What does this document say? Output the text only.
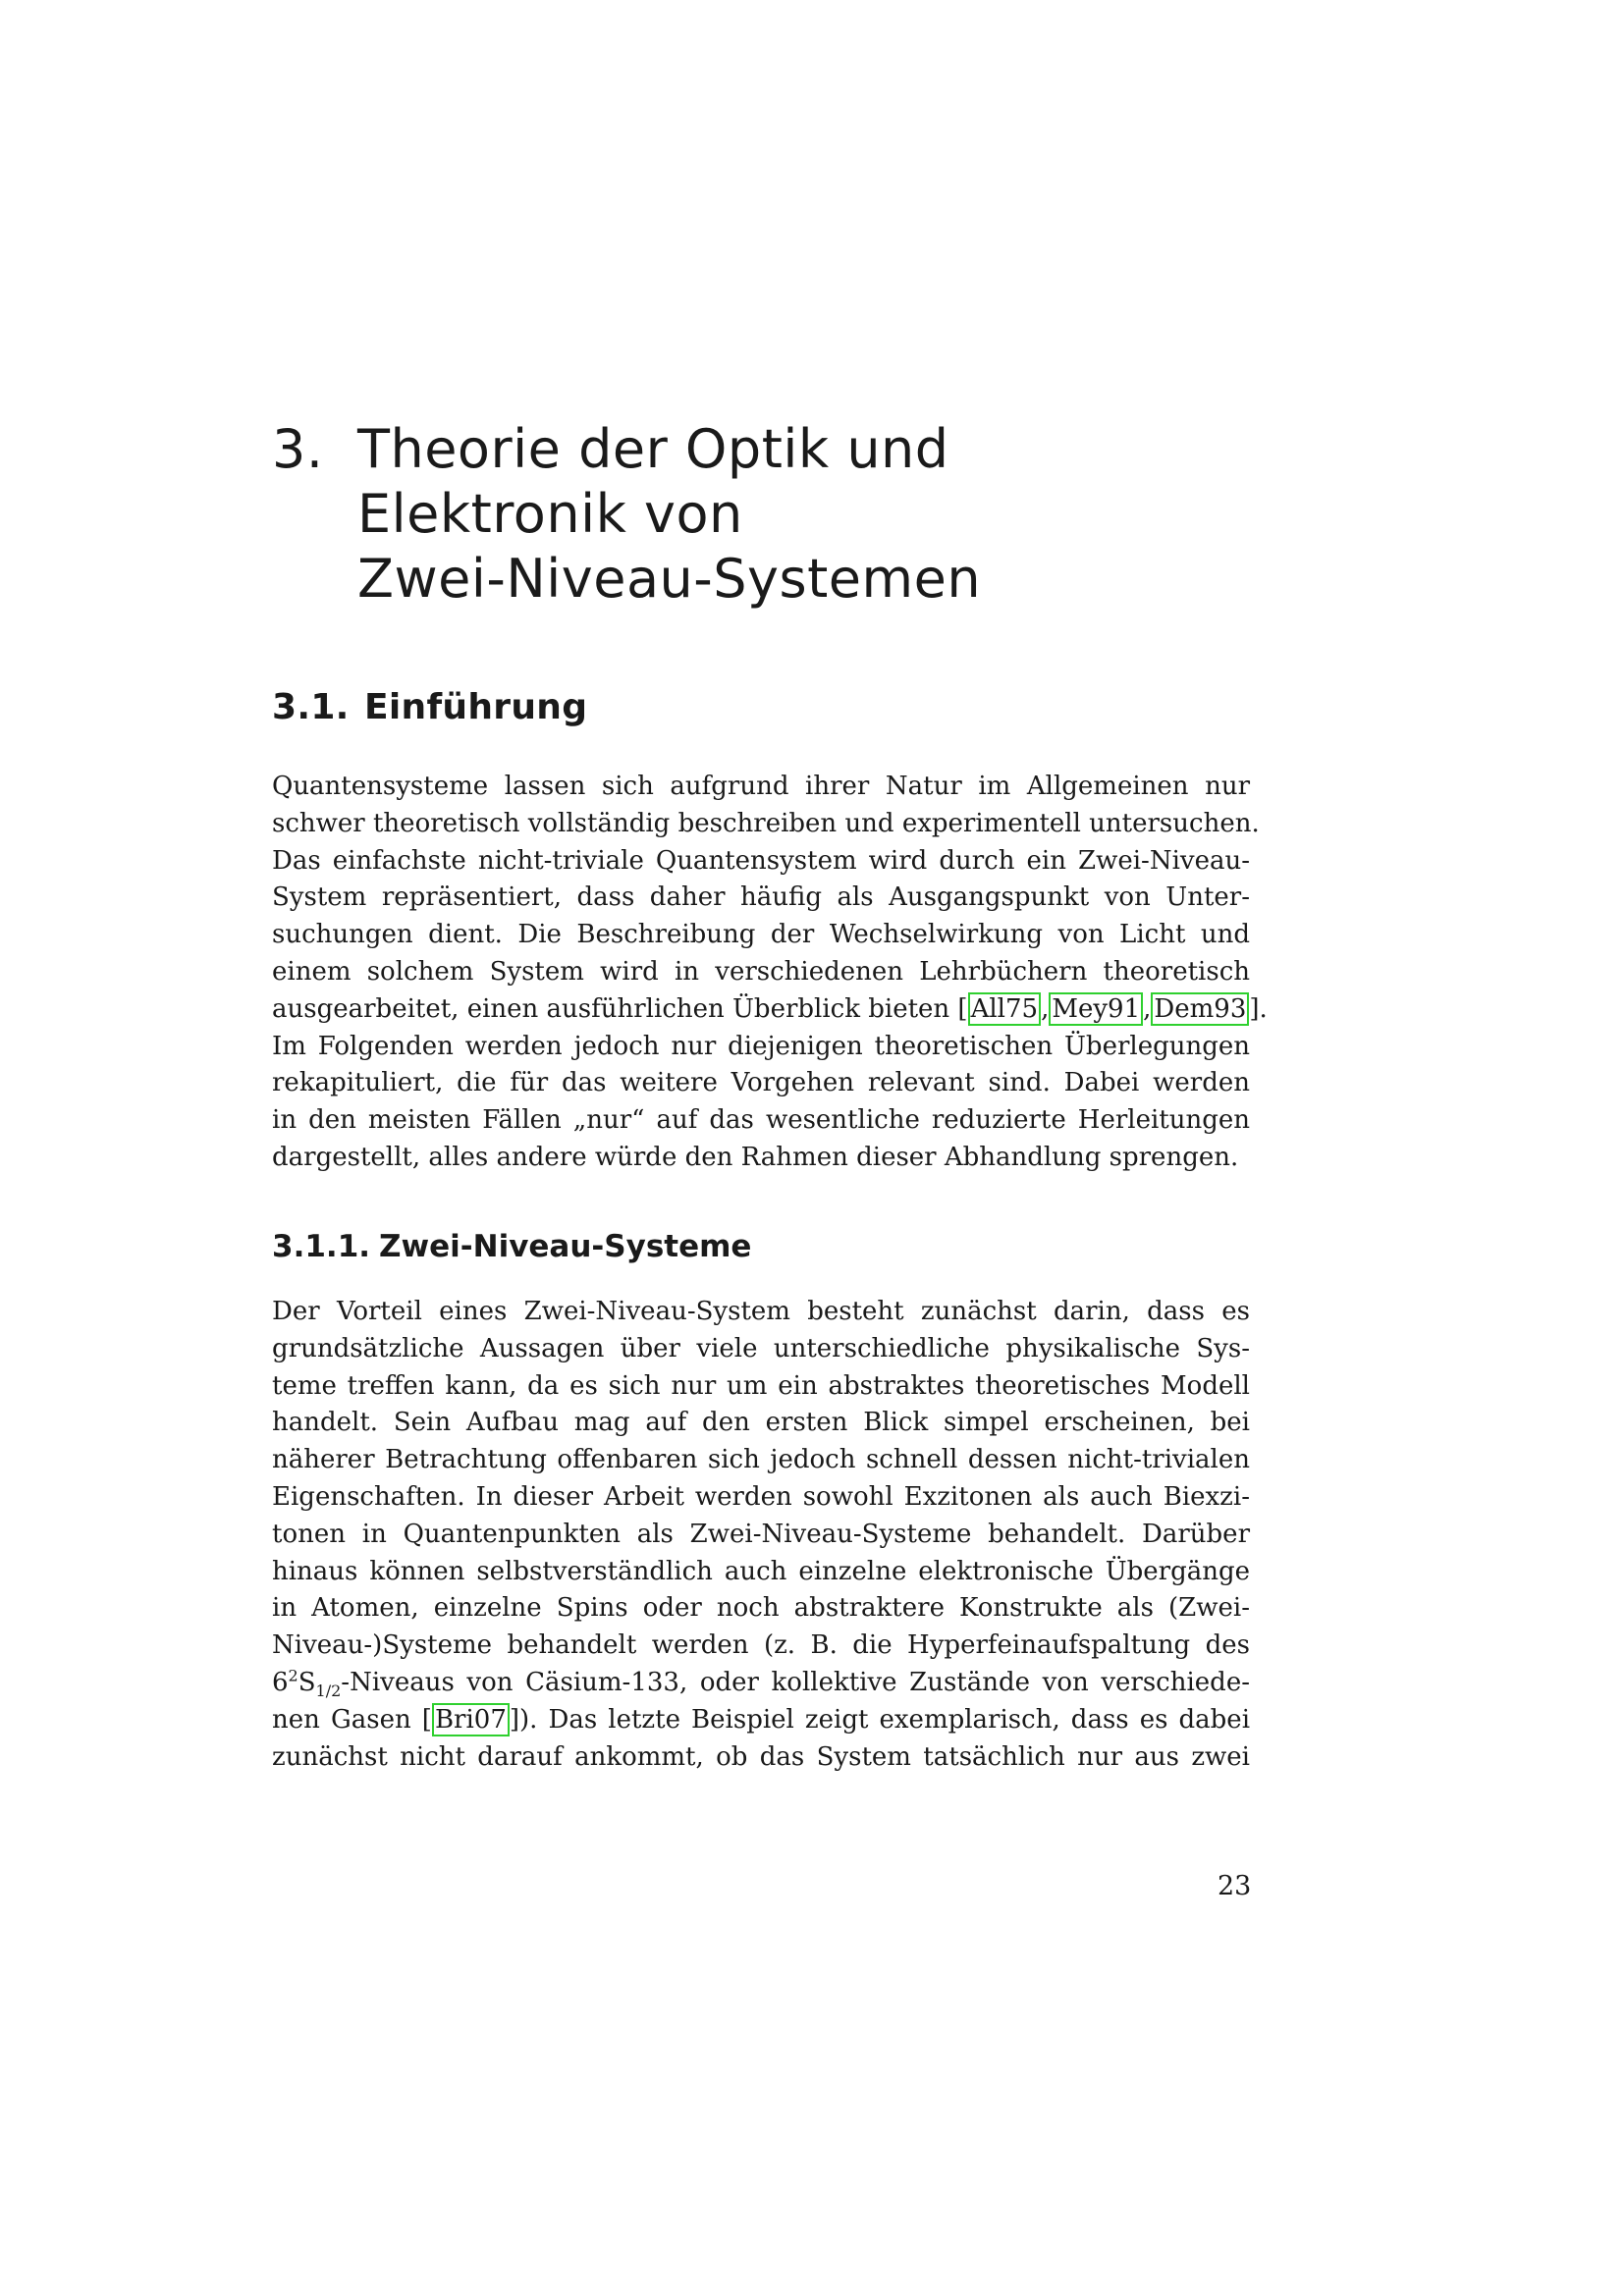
3. Theorie der Optik und
Elektronik von
Zwei-Niveau-Systemen
3.1. Einführung
Quantensysteme lassen sich aufgrund ihrer Natur im Allgemeinen nur
schwer theoretisch vollständig beschreiben und experimentell untersuchen.
Das einfachste nicht-triviale Quantensystem wird durch ein Zwei-Niveau-
System repräsentiert, dass daher häufig als Ausgangspunkt von Unter-
suchungen dient. Die Beschreibung der Wechselwirkung von Licht und
einem solchem System wird in verschiedenen Lehrbüchern theoretisch
ausgearbeitet, einen ausführlichen Überblick bieten [ All75 , Mey91 , Dem93 ].
Im Folgenden werden jedoch nur diejenigen theoretischen Überlegungen
rekapituliert, die für das weitere Vorgehen relevant sind. Dabei werden
in den meisten Fällen „nur“ auf das wesentliche reduzierte Herleitungen
dargestellt, alles andere würde den Rahmen dieser Abhandlung sprengen.
3.1.1. Zwei-Niveau-Systeme
Der Vorteil eines Zwei-Niveau-System besteht zunächst darin, dass es
grundsätzliche Aussagen über viele unterschiedliche physikalische Sys-
teme treffen kann, da es sich nur um ein abstraktes theoretisches Modell
handelt. Sein Aufbau mag auf den ersten Blick simpel erscheinen, bei
näherer Betrachtung offenbaren sich jedoch schnell dessen nicht-trivialen
Eigenschaften. In dieser Arbeit werden sowohl Exzitonen als auch Biexzi-
tonen in Quantenpunkten als Zwei-Niveau-Systeme behandelt. Darüber
hinaus können selbstverständlich auch einzelne elektronische Übergänge
in Atomen, einzelne Spins oder noch abstraktere Konstrukte als (Zwei-
Niveau-)Systeme behandelt werden (z. B. die Hyperfeinaufspaltung des
$6^2S_{1/2}$-Niveaus von Cäsium-133, oder kollektive Zustände von verschiede-
nen Gasen [ Bri07 ]). Das letzte Beispiel zeigt exemplarisch, dass es dabei
zunächst nicht darauf ankommt, ob das System tatsächlich nur aus zwei
23
